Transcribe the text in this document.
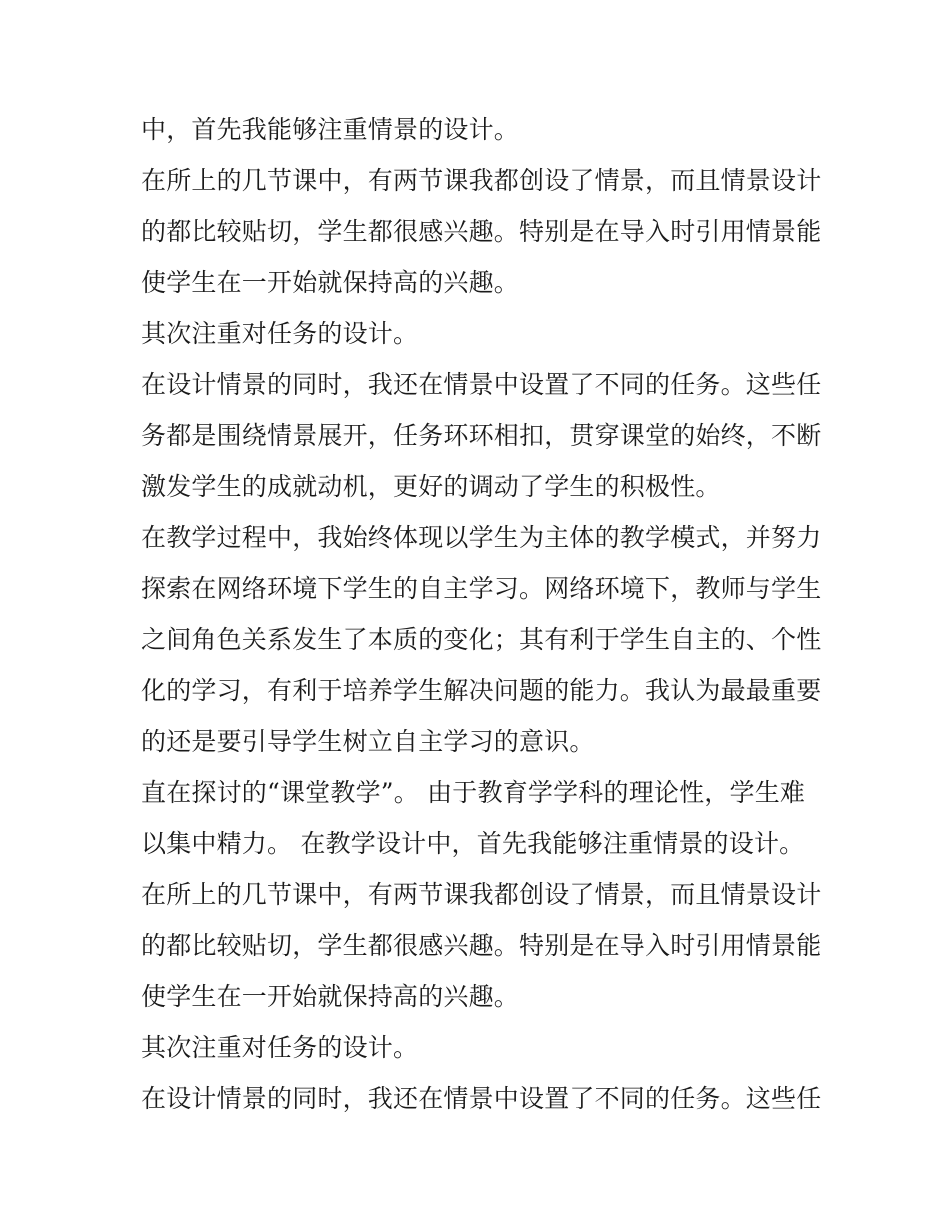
中，首先我能够注重情景的设计。
在所上的几节课中，有两节课我都创设了情景，而且情景设计
的都比较贴切，学生都很感兴趣。特别是在导入时引用情景能
使学生在一开始就保持高的兴趣。
其次注重对任务的设计。
在设计情景的同时，我还在情景中设置了不同的任务。这些任
务都是围绕情景展开，任务环环相扣，贯穿课堂的始终，不断
激发学生的成就动机，更好的调动了学生的积极性。
在教学过程中，我始终体现以学生为主体的教学模式，并努力
探索在网络环境下学生的自主学习。网络环境下，教师与学生
之间角色关系发生了本质的变化；其有利于学生自主的、个性
化的学习，有利于培养学生解决问题的能力。我认为最最重要
的还是要引导学生树立自主学习的意识。
直在探讨的“课堂教学”。 由于教育学学科的理论性，学生难
以集中精力。 在教学设计中，首先我能够注重情景的设计。
在所上的几节课中，有两节课我都创设了情景，而且情景设计
的都比较贴切，学生都很感兴趣。特别是在导入时引用情景能
使学生在一开始就保持高的兴趣。
其次注重对任务的设计。
在设计情景的同时，我还在情景中设置了不同的任务。这些任
